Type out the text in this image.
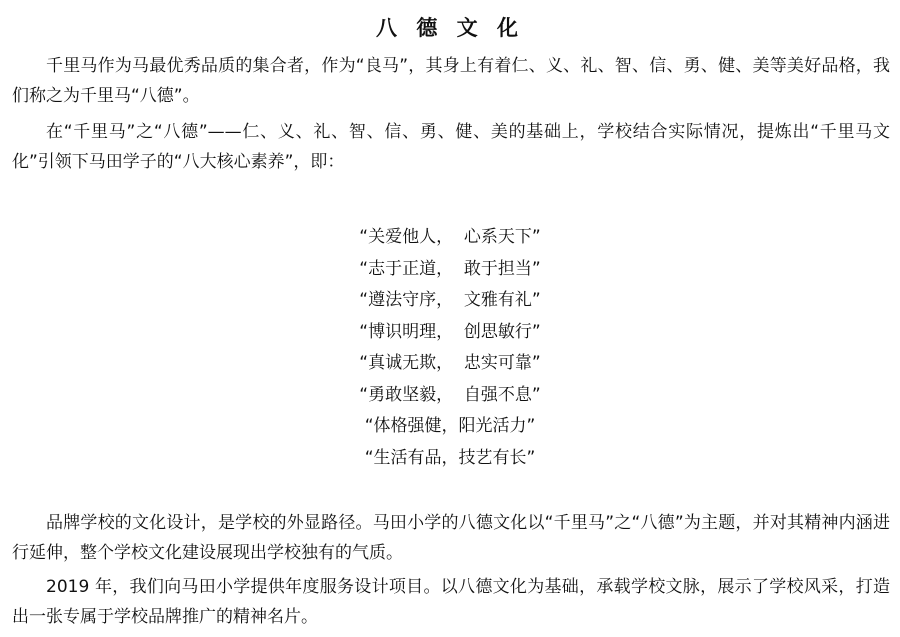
八 德 文 化

千里马作为马最优秀品质的集合者，作为“良马”，其身上有着仁、义、礼、智、信、勇、健、美等美好品格，我们称之为千里马“八德”。

在“千里马”之“八德”——仁、义、礼、智、信、勇、健、美的基础上，学校结合实际情况，提炼出“千里马文化”引领下马田学子的“八大核心素养”，即：

“关爱他人，  心系天下”
“志于正道，  敢于担当”
“遵法守序，  文雅有礼”
“博识明理，  创思敏行”
“真诚无欺，  忠实可靠”
“勇敢坚毅，  自强不息”
“体格强健，阳光活力”
“生活有品，技艺有长”

品牌学校的文化设计，是学校的外显路径。马田小学的八德文化以“千里马”之“八德”为主题，并对其精神内涵进行延伸，整个学校文化建设展现出学校独有的气质。

2019 年，我们向马田小学提供年度服务设计项目。以八德文化为基础，承载学校文脉，展示了学校风采，打造出一张专属于学校品牌推广的精神名片。
